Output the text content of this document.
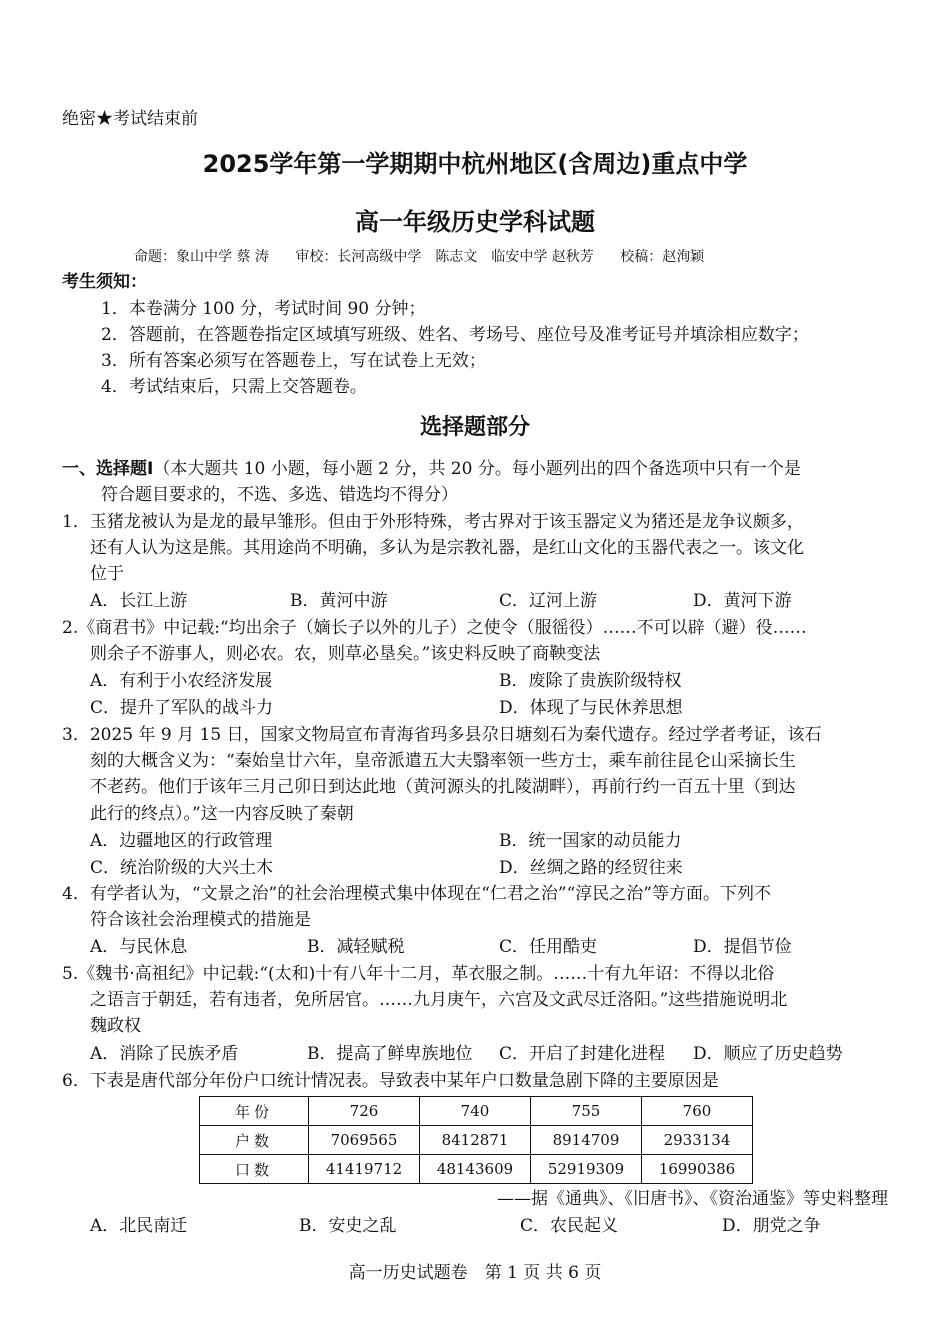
绝密★考试结束前
2025学年第一学期期中杭州地区(含周边)重点中学
高一年级历史学科试题
命题：象山中学 蔡 涛 审校：长河高级中学　陈志文　临安中学 赵秋芳 校稿：赵洵颖
考生须知：
1．本卷满分 100 分，考试时间 90 分钟；
2．答题前，在答题卷指定区域填写班级、姓名、考场号、座位号及准考证号并填涂相应数字；
3．所有答案必须写在答题卷上，写在试卷上无效；
4．考试结束后，只需上交答题卷。
选择题部分
一、选择题Ⅰ（本大题共 10 小题，每小题 2 分，共 20 分。每小题列出的四个备选项中只有一个是
符合题目要求的，不选、多选、错选均不得分）
1．玉猪龙被认为是龙的最早雏形。但由于外形特殊，考古界对于该玉器定义为猪还是龙争议颇多，
还有人认为这是熊。其用途尚不明确，多认为是宗教礼器，是红山文化的玉器代表之一。该文化
位于
A．长江上游	B．黄河中游	C．辽河上游	D．黄河下游
2.《商君书》中记载:“均出余子（嫡长子以外的儿子）之使令（服徭役）……不可以辟（避）役……
则余子不游事人，则必农。农，则草必垦矣。”该史料反映了商鞅变法
A．有利于小农经济发展	B．废除了贵族阶级特权
C．提升了军队的战斗力	D．体现了与民休养思想
3．2025 年 9 月 15 日，国家文物局宣布青海省玛多县尕日塘刻石为秦代遗存。经过学者考证，该石
刻的大概含义为：“秦始皇廿六年，皇帝派遣五大夫翳率领一些方士，乘车前往昆仑山采摘长生
不老药。他们于该年三月己卯日到达此地（黄河源头的扎陵湖畔），再前行约一百五十里（到达
此行的终点）。”这一内容反映了秦朝
A．边疆地区的行政管理	B．统一国家的动员能力
C．统治阶级的大兴土木	D．丝绸之路的经贸往来
4．有学者认为，“文景之治”的社会治理模式集中体现在“仁君之治”“淳民之治”等方面。下列不
符合该社会治理模式的措施是
A．与民休息	B．减轻赋税	C．任用酷吏	D．提倡节俭
5.《魏书·高祖纪》中记载:“(太和)十有八年十二月，革衣服之制。……十有九年诏：不得以北俗
之语言于朝廷，若有违者，免所居官。……九月庚午，六宫及文武尽迁洛阳。”这些措施说明北
魏政权
A．消除了民族矛盾	B．提高了鲜卑族地位 C．开启了封建化进程 D．顺应了历史趋势
6．下表是唐代部分年份户口统计情况表。导致表中某年户口数量急剧下降的主要原因是
年份	726	740	755	760
户数	7069565	8412871	8914709	2933134
口数	41419712	48143609	52919309	16990386
——据《通典》、《旧唐书》、《资治通鉴》等史料整理
A．北民南迁	B．安史之乱	C．农民起义	D．朋党之争
高一历史试题卷　第 1 页 共 6 页
